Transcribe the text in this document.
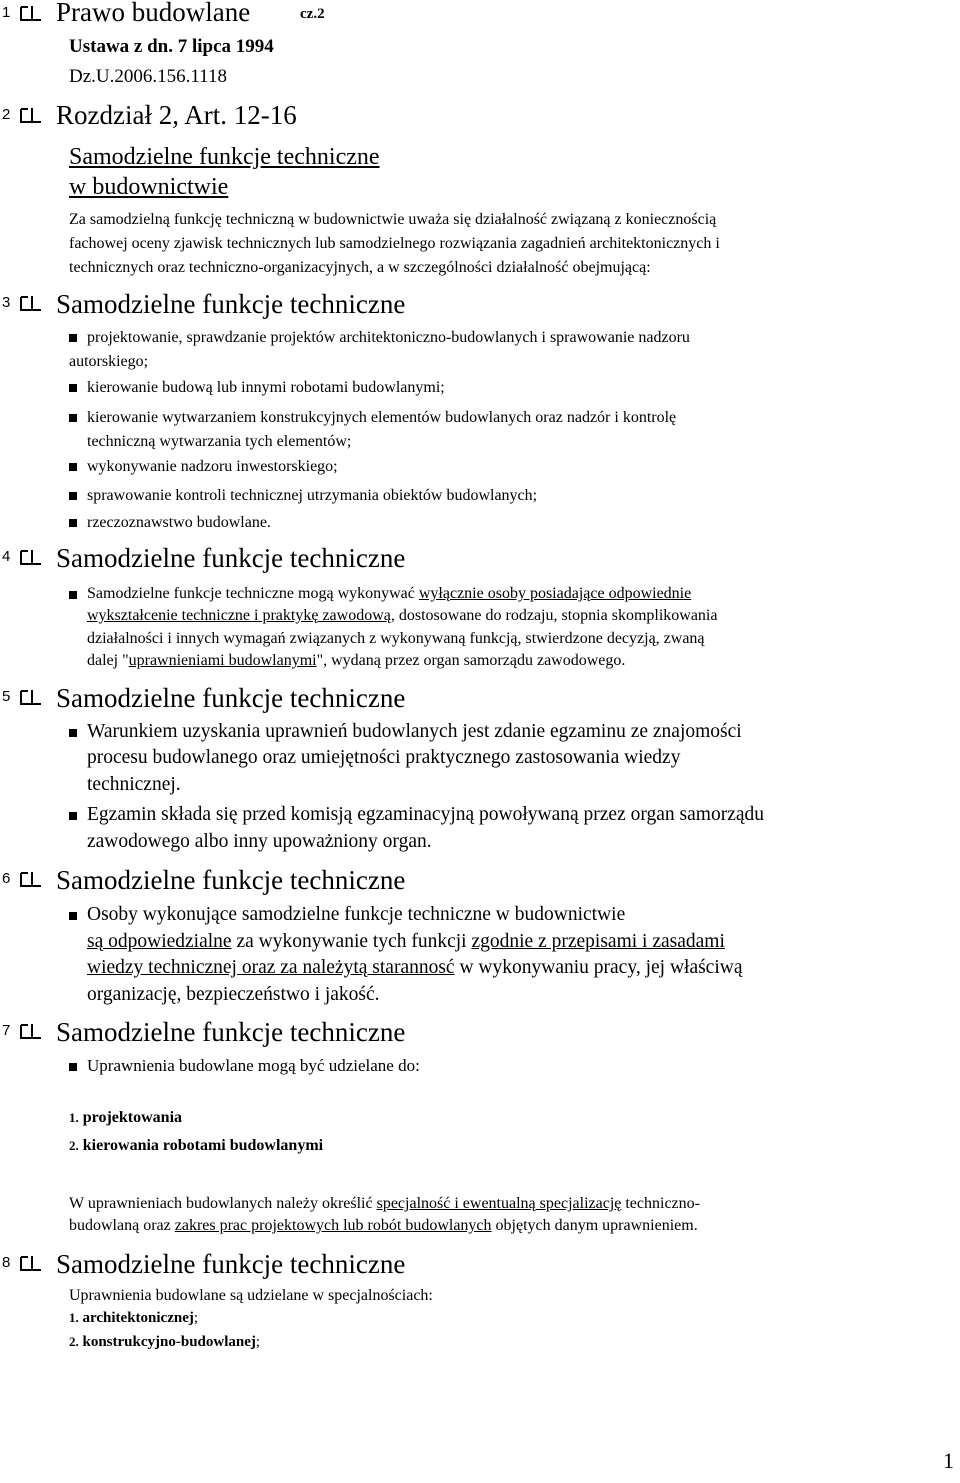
1 Prawo budowlane	cz.2
Ustawa z dn. 7 lipca 1994
Dz.U.2006.156.1118
2 Rozdział 2, Art. 12-16
Samodzielne funkcje techniczne
w budownictwie
Za samodzielną funkcję techniczną w budownictwie uważa się działalność związaną z koniecznością
fachowej oceny zjawisk technicznych lub samodzielnego rozwiązania zagadnień architektonicznych i
technicznych oraz techniczno-organizacyjnych, a w szczególności działalność obejmującą:
3 Samodzielne funkcje techniczne
projektowanie, sprawdzanie projektów architektoniczno-budowlanych i sprawowanie nadzoru
autorskiego;
kierowanie budową lub innymi robotami budowlanymi;
kierowanie wytwarzaniem konstrukcyjnych elementów budowlanych oraz nadzór i kontrolę
techniczną wytwarzania tych elementów;
wykonywanie nadzoru inwestorskiego;
sprawowanie kontroli technicznej utrzymania obiektów budowlanych;
rzeczoznawstwo budowlane.
4 Samodzielne funkcje techniczne
Samodzielne funkcje techniczne mogą wykonywać wyłącznie osoby posiadające odpowiednie
wykształcenie techniczne i praktykę zawodową, dostosowane do rodzaju, stopnia skomplikowania
działalności i innych wymagań związanych z wykonywaną funkcją, stwierdzone decyzją, zwaną
dalej "uprawnieniami budowlanymi", wydaną przez organ samorządu zawodowego.
5 Samodzielne funkcje techniczne
Warunkiem uzyskania uprawnień budowlanych jest zdanie egzaminu ze znajomości
procesu budowlanego oraz umiejętności praktycznego zastosowania wiedzy
technicznej.
Egzamin składa się przed komisją egzaminacyjną powoływaną przez organ samorządu
zawodowego albo inny upoważniony organ.
6 Samodzielne funkcje techniczne
Osoby wykonujące samodzielne funkcje techniczne w budownictwie
są odpowiedzialne za wykonywanie tych funkcji zgodnie z przepisami i zasadami
wiedzy technicznej oraz za należytą starannosć w wykonywaniu pracy, jej właściwą
organizację, bezpieczeństwo i jakość.
7 Samodzielne funkcje techniczne
Uprawnienia budowlane mogą być udzielane do:
1. projektowania
2. kierowania robotami budowlanymi
W uprawnieniach budowlanych należy określić specjalność i ewentualną specjalizację techniczno-
budowlaną oraz zakres prac projektowych lub robót budowlanych objętych danym uprawnieniem.
8 Samodzielne funkcje techniczne
Uprawnienia budowlane są udzielane w specjalnościach:
1. architektonicznej;
2. konstrukcyjno-budowlanej;
1
